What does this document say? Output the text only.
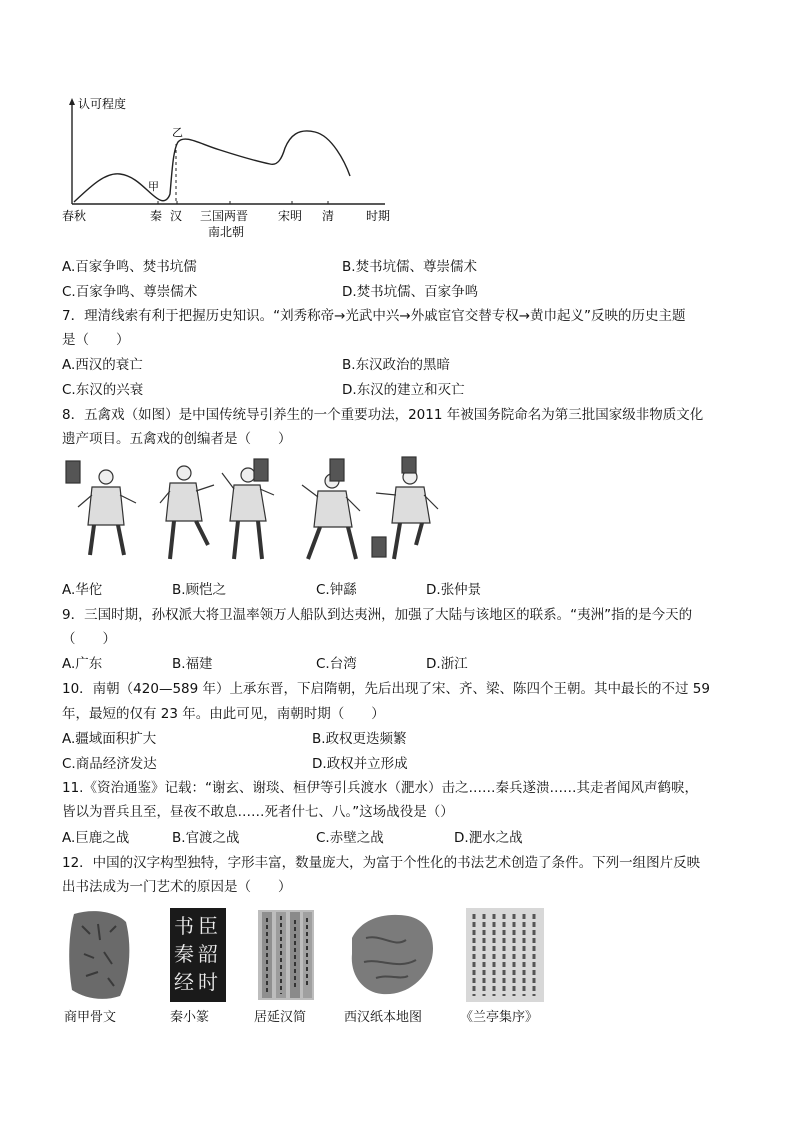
认可程度
甲
乙
春秋	秦 汉 三国两晋
南北朝
宋明 清	时期
A.百家争鸣、焚书坑儒	B.焚书坑儒、尊崇儒术
C.百家争鸣、尊崇儒术	D.焚书坑儒、百家争鸣
7．理清线索有利于把握历史知识。“刘秀称帝→光武中兴→外戚宦官交替专权→黄巾起义”反映的历史主题
是（　　）
A.西汉的衰亡	B.东汉政治的黑暗
C.东汉的兴衰	D.东汉的建立和灭亡
8．五禽戏（如图）是中国传统导引养生的一个重要功法，2011 年被国务院命名为第三批国家级非物质文化
遗产项目。五禽戏的创编者是（　　）
A.华佗	B.顾恺之	C.钟繇	D.张仲景
9．三国时期，孙权派大将卫温率领万人船队到达夷洲，加强了大陆与该地区的联系。“夷洲”指的是今天的
（　　）
A.广东	B.福建	C.台湾	D.浙江
10．南朝（420—589 年）上承东晋，下启隋朝，先后出现了宋、齐、梁、陈四个王朝。其中最长的不过 59
年，最短的仅有 23 年。由此可见，南朝时期（　　）
A.疆域面积扩大	B.政权更迭频繁
C.商品经济发达	D.政权并立形成
11.《资治通鉴》记载：“谢玄、谢琰、桓伊等引兵渡水（淝水）击之……秦兵遂溃……其走者闻风声鹤唳，
皆以为晋兵且至，昼夜不敢息……死者什七、八。”这场战役是（）
A.巨鹿之战	B.官渡之战	C.赤壁之战	D.淝水之战
12．中国的汉字构型独特，字形丰富，数量庞大，为富于个性化的书法艺术创造了条件。下列一组图片反映
出书法成为一门艺术的原因是（　　）
书 臣
秦 韶
经 时
商甲骨文	秦小篆	居延汉简	西汉纸本地图	《兰亭集序》
